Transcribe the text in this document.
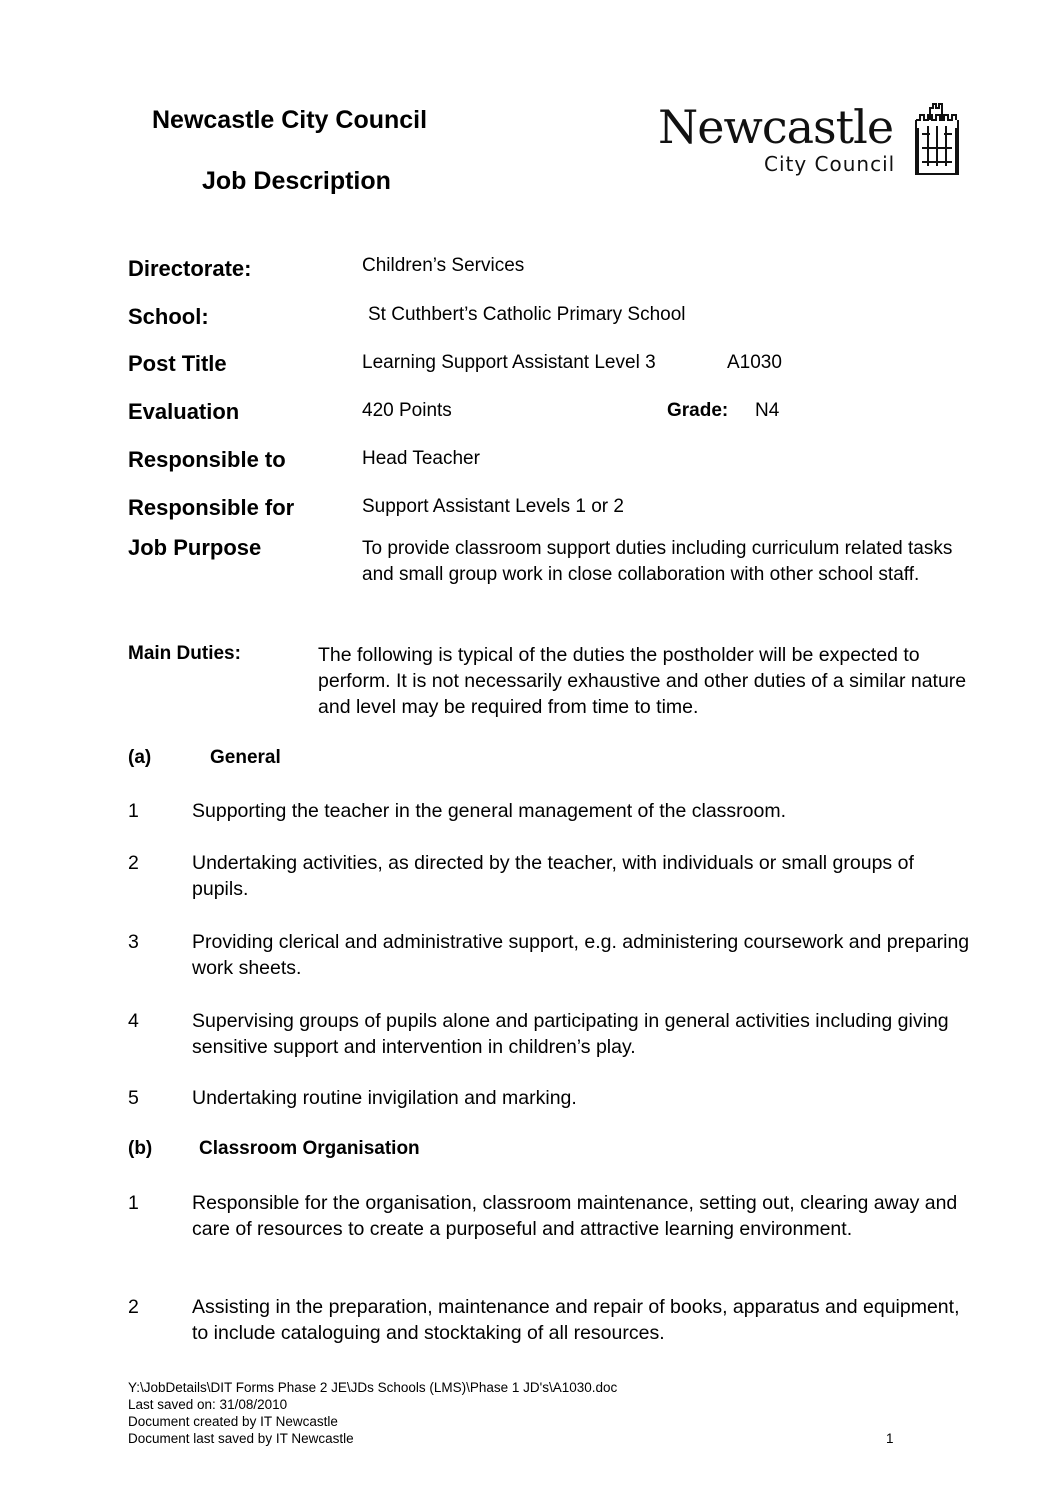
Newcastle City Council
Job Description
Newcastle
City Council
Directorate:	Children’s Services
School:	St Cuthbert’s Catholic Primary School
Post Title	Learning Support Assistant Level 3	A1030
Evaluation	420 Points	Grade: N4
Responsible to	Head Teacher
Responsible for	Support Assistant Levels 1 or 2
Job Purpose	To provide classroom support duties including curriculum related tasks and small group work in close collaboration with other school staff.
Main Duties:	The following is typical of the duties the postholder will be expected to perform. It is not necessarily exhaustive and other duties of a similar nature and level may be required from time to time.
(a)	General
1	Supporting the teacher in the general management of the classroom.
2	Undertaking activities, as directed by the teacher, with individuals or small groups of pupils.
3	Providing clerical and administrative support, e.g. administering coursework and preparing work sheets.
4	Supervising groups of pupils alone and participating in general activities including giving sensitive support and intervention in children’s play.
5	Undertaking routine invigilation and marking.
(b) Classroom Organisation
1	Responsible for the organisation, classroom maintenance, setting out, clearing away and care of resources to create a purposeful and attractive learning environment.
2	Assisting in the preparation, maintenance and repair of books, apparatus and equipment, to include cataloguing and stocktaking of all resources.
Y:\JobDetails\DIT Forms Phase 2 JE\JDs Schools (LMS)\Phase 1 JD's\A1030.doc
Last saved on: 31/08/2010
Document created by IT Newcastle
Document last saved by IT Newcastle	1
